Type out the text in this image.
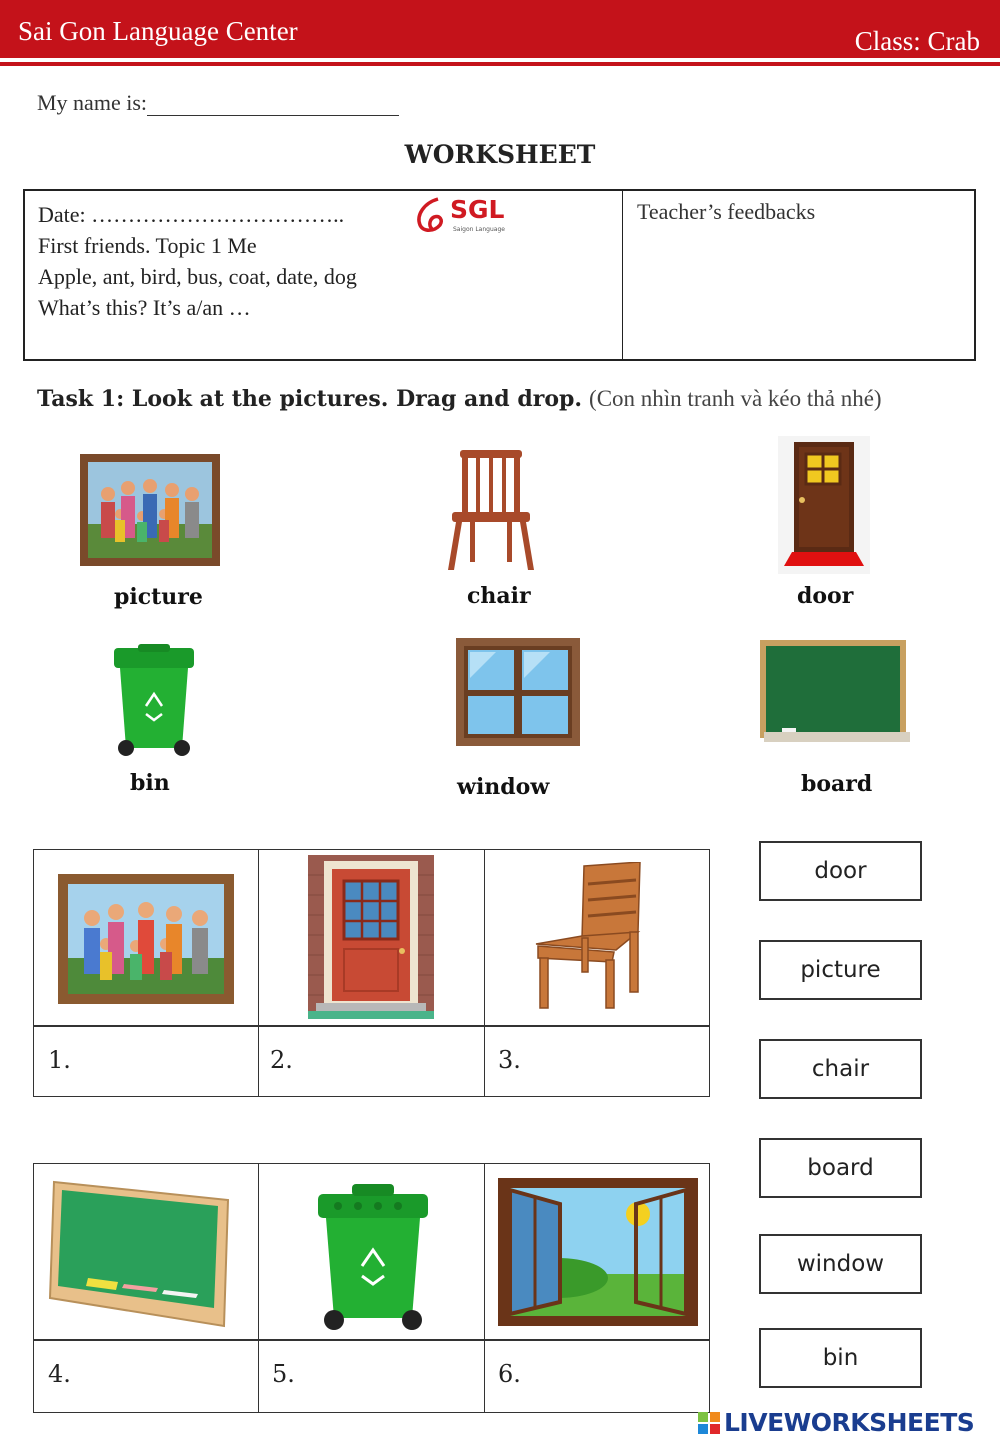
Sai Gon Language Center	Class: Crab
My name is:
WORKSHEET
Date: ……………………………..
First friends. Topic 1 Me
Apple, ant, bird, bus, coat, date, dog
What’s this? It’s a/an …
Teacher’s feedbacks
SGL
Saigon Language
Task 1: Look at the pictures. Drag and drop. (Con nhìn tranh và kéo thả nhé)
picture	chair	door
bin	window	board
1.	2.	3.
4.	5.	6.
door
picture
chair
board
window
bin
LIVEWORKSHEETS
